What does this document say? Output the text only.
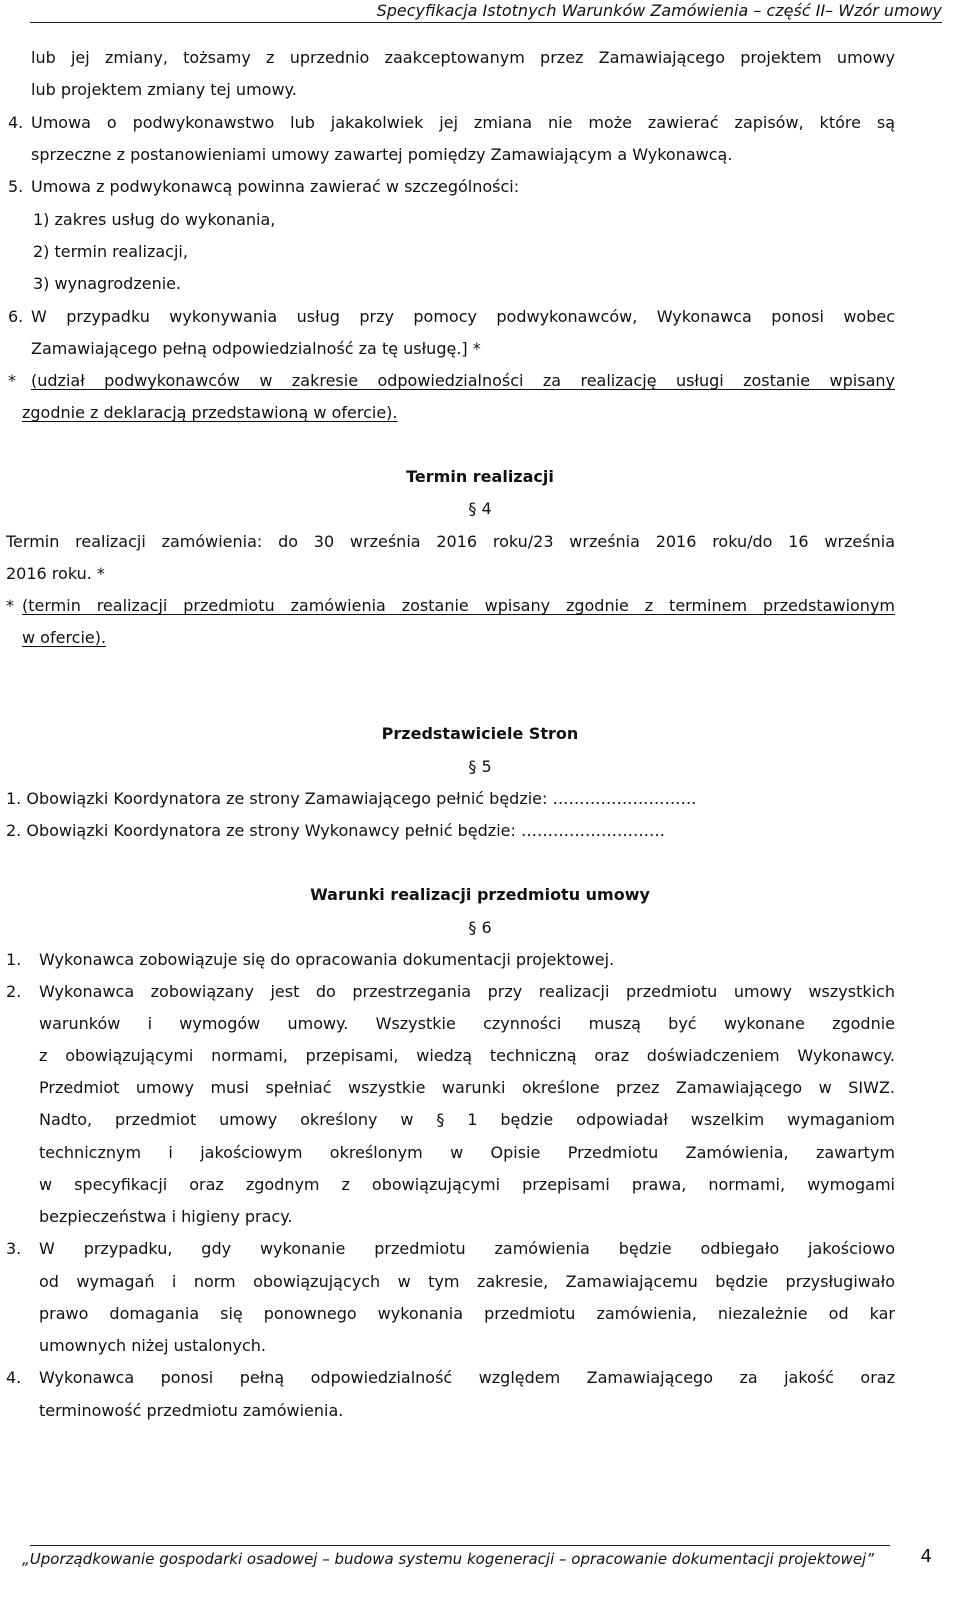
Specyfikacja Istotnych Warunków Zamówienia – część II– Wzór umowy
lub jej zmiany, tożsamy z uprzednio zaakceptowanym przez Zamawiającego projektem umowy
lub projektem zmiany tej umowy.
4. Umowa o podwykonawstwo lub jakakolwiek jej zmiana nie może zawierać zapisów, które są
sprzeczne z postanowieniami umowy zawartej pomiędzy Zamawiającym a Wykonawcą.
5. Umowa z podwykonawcą powinna zawierać w szczególności:
1) zakres usług do wykonania,
2) termin realizacji,
3) wynagrodzenie.
6. W przypadku wykonywania usług przy pomocy podwykonawców, Wykonawca ponosi wobec
Zamawiającego pełną odpowiedzialność za tę usługę.] *
* (udział podwykonawców w zakresie odpowiedzialności za realizację usługi zostanie wpisany
zgodnie z deklaracją przedstawioną w ofercie).
Termin realizacji
§ 4
Termin realizacji zamówienia: do 30 września 2016 roku/23 września 2016 roku/do 16 września
2016 roku. *
* (termin realizacji przedmiotu zamówienia zostanie wpisany zgodnie z terminem przedstawionym
w ofercie).
Przedstawiciele Stron
§ 5
1. Obowiązki Koordynatora ze strony Zamawiającego pełnić będzie: ………………………
2. Obowiązki Koordynatora ze strony Wykonawcy pełnić będzie: ………………………
Warunki realizacji przedmiotu umowy
§ 6
1. Wykonawca zobowiązuje się do opracowania dokumentacji projektowej.
2. Wykonawca zobowiązany jest do przestrzegania przy realizacji przedmiotu umowy wszystkich
warunków i wymogów umowy. Wszystkie czynności muszą być wykonane zgodnie
z obowiązującymi normami, przepisami, wiedzą techniczną oraz doświadczeniem Wykonawcy.
Przedmiot umowy musi spełniać wszystkie warunki określone przez Zamawiającego w SIWZ.
Nadto, przedmiot umowy określony w § 1 będzie odpowiadał wszelkim wymaganiom
technicznym i jakościowym określonym w Opisie Przedmiotu Zamówienia, zawartym
w specyfikacji oraz zgodnym z obowiązującymi przepisami prawa, normami, wymogami
bezpieczeństwa i higieny pracy.
3. W przypadku, gdy wykonanie przedmiotu zamówienia będzie odbiegało jakościowo
od wymagań i norm obowiązujących w tym zakresie, Zamawiającemu będzie przysługiwało
prawo domagania się ponownego wykonania przedmiotu zamówienia, niezależnie od kar
umownych niżej ustalonych.
4. Wykonawca ponosi pełną odpowiedzialność względem Zamawiającego za jakość oraz
terminowość przedmiotu zamówienia.
„Uporządkowanie gospodarki osadowej – budowa systemu kogeneracji – opracowanie dokumentacji projektowej”	4
